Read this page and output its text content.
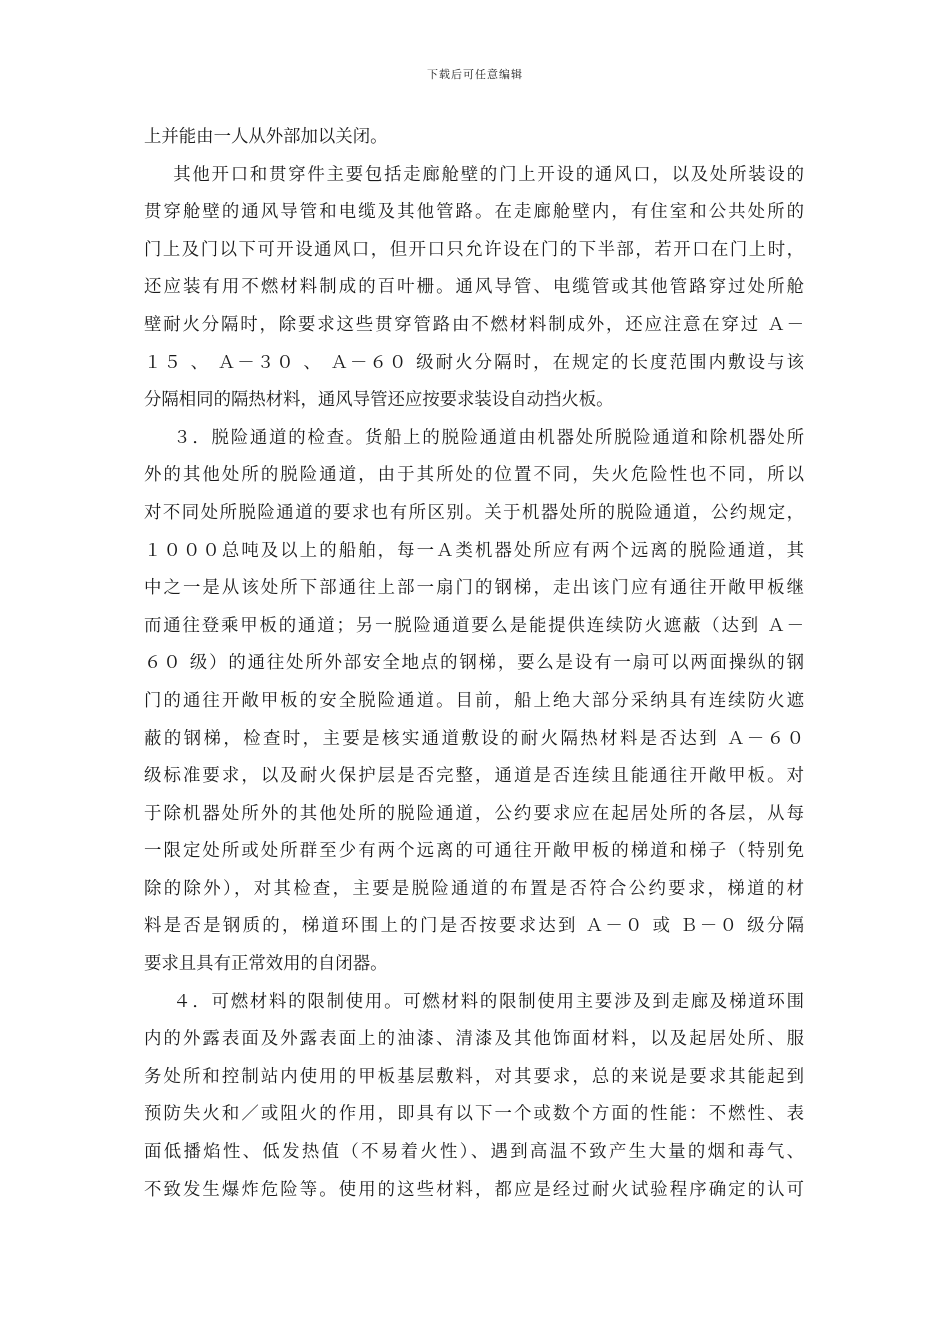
下载后可任意编辑
上并能由一人从外部加以关闭。
其他开口和贯穿件主要包括走廊舱壁的门上开设的通风口，以及处所装设的
贯穿舱壁的通风导管和电缆及其他管路。在走廊舱壁内，有住室和公共处所的
门上及门以下可开设通风口，但开口只允许设在门的下半部，若开口在门上时，
还应装有用不燃材料制成的百叶栅。通风导管、电缆管或其他管路穿过处所舱
壁耐火分隔时，除要求这些贯穿管路由不燃材料制成外，还应注意在穿过 Ａ－
１５ 、 Ａ－３０ 、 Ａ－６０ 级耐火分隔时，在规定的长度范围内敷设与该
分隔相同的隔热材料，通风导管还应按要求装设自动挡火板。
３．脱险通道的检查。货船上的脱险通道由机器处所脱险通道和除机器处所
外的其他处所的脱险通道，由于其所处的位置不同，失火危险性也不同，所以
对不同处所脱险通道的要求也有所区别。关于机器处所的脱险通道，公约规定，
１０００总吨及以上的船舶，每一Ａ类机器处所应有两个远离的脱险通道，其
中之一是从该处所下部通往上部一扇门的钢梯，走出该门应有通往开敞甲板继
而通往登乘甲板的通道；另一脱险通道要么是能提供连续防火遮蔽（达到 Ａ－
６０ 级）的通往处所外部安全地点的钢梯，要么是设有一扇可以两面操纵的钢
门的通往开敞甲板的安全脱险通道。目前，船上绝大部分采纳具有连续防火遮
蔽的钢梯，检查时，主要是核实通道敷设的耐火隔热材料是否达到 Ａ－６０
级标准要求，以及耐火保护层是否完整，通道是否连续且能通往开敞甲板。对
于除机器处所外的其他处所的脱险通道，公约要求应在起居处所的各层，从每
一限定处所或处所群至少有两个远离的可通往开敞甲板的梯道和梯子（特别免
除的除外），对其检查，主要是脱险通道的布置是否符合公约要求，梯道的材
料是否是钢质的，梯道环围上的门是否按要求达到 Ａ－０ 或 Ｂ－０ 级分隔
要求且具有正常效用的自闭器。
４．可燃材料的限制使用。可燃材料的限制使用主要涉及到走廊及梯道环围
内的外露表面及外露表面上的油漆、清漆及其他饰面材料，以及起居处所、服
务处所和控制站内使用的甲板基层敷料，对其要求，总的来说是要求其能起到
预防失火和／或阻火的作用，即具有以下一个或数个方面的性能：不燃性、表
面低播焰性、低发热值（不易着火性）、遇到高温不致产生大量的烟和毒气、
不致发生爆炸危险等。使用的这些材料，都应是经过耐火试验程序确定的认可
